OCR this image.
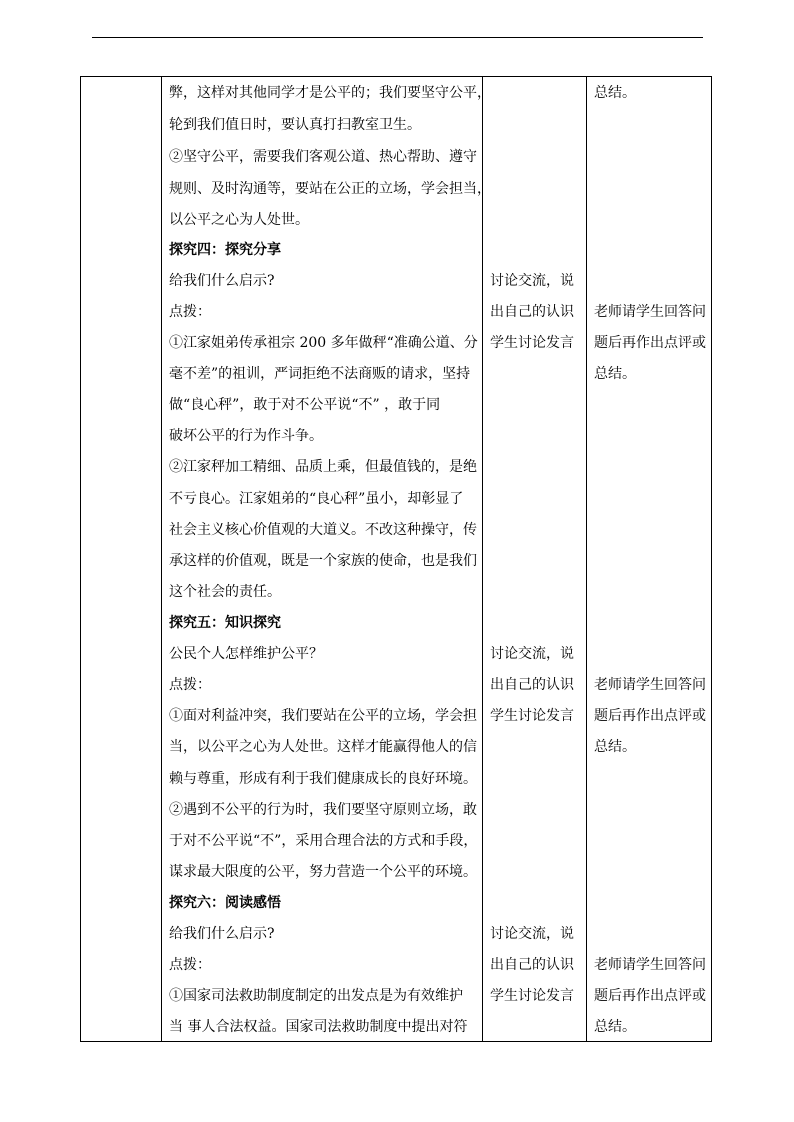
弊，这样对其他同学才是公平的；我们要坚守公平，
轮到我们值日时，要认真打扫教室卫生。
②坚守公平，需要我们客观公道、热心帮助、遵守
规则、及时沟通等，要站在公正的立场，学会担当，
以公平之心为人处世。
探究四：探究分享
给我们什么启示?
点拨：
①江家姐弟传承祖宗 200 多年做秤“准确公道、分
毫不差”的祖训，严词拒绝不法商贩的请求，坚持
做“良心秤”，敢于对不公平说“不” ，敢于同
破坏公平的行为作斗争。
②江家秤加工精细、品质上乘，但最值钱的，是绝
不亏良心。江家姐弟的“良心秤”虽小，却彰显了
社会主义核心价值观的大道义。不改这种操守，传
承这样的价值观，既是一个家族的使命，也是我们
这个社会的责任。
探究五：知识探究
公民个人怎样维护公平？
点拨：
①面对利益冲突，我们要站在公平的立场，学会担
当，以公平之心为人处世。这样才能赢得他人的信
赖与尊重，形成有利于我们健康成长的良好环境。
②遇到不公平的行为时，我们要坚守原则立场，敢
于对不公平说“不”，采用合理合法的方式和手段，
谋求最大限度的公平，努力营造一个公平的环境。
探究六：阅读感悟
给我们什么启示?
点拨：
①国家司法救助制度制定的出发点是为有效维护
当 事人合法权益。国家司法救助制度中提出对符
讨论交流，说
出自己的认识
学生讨论发言
讨论交流，说
出自己的认识
学生讨论发言
讨论交流，说
出自己的认识
学生讨论发言
总结。
老师请学生回答问
题后再作出点评或
总结。
老师请学生回答问
题后再作出点评或
总结。
老师请学生回答问
题后再作出点评或
总结。
